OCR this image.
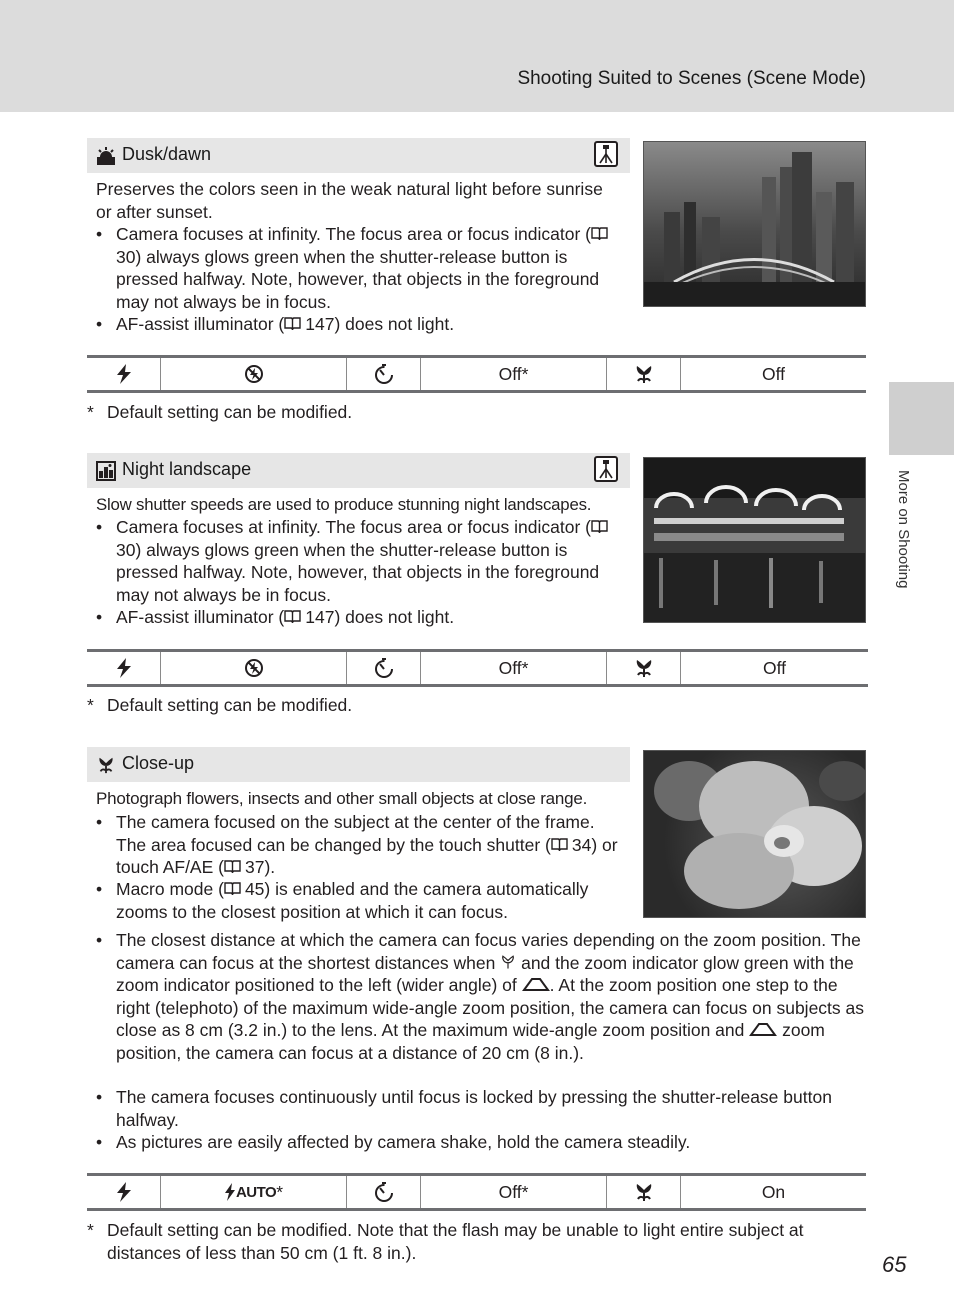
Shooting Suited to Scenes (Scene Mode)
More on Shooting
Dusk/dawn
Preserves the colors seen in the weak natural light before sunrise or after sunset.
• Camera focuses at infinity. The focus area or focus indicator (30) always glows green when the shutter-release button is pressed halfway. Note, however, that objects in the foreground may not always be in focus.
• AF-assist illuminator ( 147) does not light.
Off*	Off
* Default setting can be modified.
Night landscape
Slow shutter speeds are used to produce stunning night landscapes.
• Camera focuses at infinity. The focus area or focus indicator (30) always glows green when the shutter-release button is pressed halfway. Note, however, that objects in the foreground may not always be in focus.
• AF-assist illuminator ( 147) does not light.
Off*	Off
* Default setting can be modified.
Close-up
Photograph flowers, insects and other small objects at close range.
• The camera focused on the subject at the center of the frame. The area focused can be changed by the touch shutter ( 34) or touch AF/AE ( 37).
• Macro mode ( 45) is enabled and the camera automatically zooms to the closest position at which it can focus.
• The closest distance at which the camera can focus varies depending on the zoom position. The camera can focus at the shortest distances when  and the zoom indicator glow green with the zoom indicator positioned to the left (wider angle) of . At the zoom position one step to the right (telephoto) of the maximum wide-angle zoom position, the camera can focus on subjects as close as 8 cm (3.2 in.) to the lens. At the maximum wide-angle zoom position and  zoom position, the camera can focus at a distance of 20 cm (8 in.).
• The camera focuses continuously until focus is locked by pressing the shutter-release button halfway.
• As pictures are easily affected by camera shake, hold the camera steadily.
AUTO *	Off*	On
* Default setting can be modified. Note that the flash may be unable to light entire subject at distances of less than 50 cm (1 ft. 8 in.).	65
